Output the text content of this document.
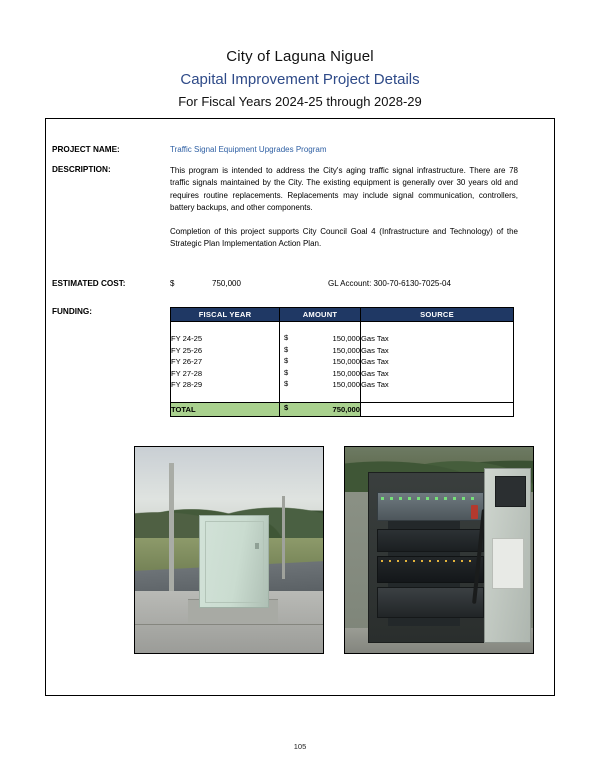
City of Laguna Niguel
Capital Improvement Project Details
For Fiscal Years 2024-25 through 2028-29
PROJECT NAME:	Traffic Signal Equipment Upgrades Program
DESCRIPTION:	This program is intended to address the City's aging traffic signal infrastructure. There are 78 traffic signals maintained by the City. The existing equipment is generally over 30 years old and requires routine replacements. Replacements may include signal communication, controllers, battery backups, and other components.

Completion of this project supports City Council Goal 4 (Infrastructure and Technology) of the Strategic Plan Implementation Action Plan.

ESTIMATED COST:	$	750,000	GL Account: 300-70-6130-7025-04
FUNDING:	FISCAL YEAR	AMOUNT	SOURCE

FY 24-25	$ 150,000	Gas Tax
FY 25-26	$ 150,000	Gas Tax
FY 26-27	$ 150,000	Gas Tax
FY 27-28	$ 150,000	Gas Tax
FY 28-29	$ 150,000	Gas Tax

TOTAL	$ 750,000	
105
